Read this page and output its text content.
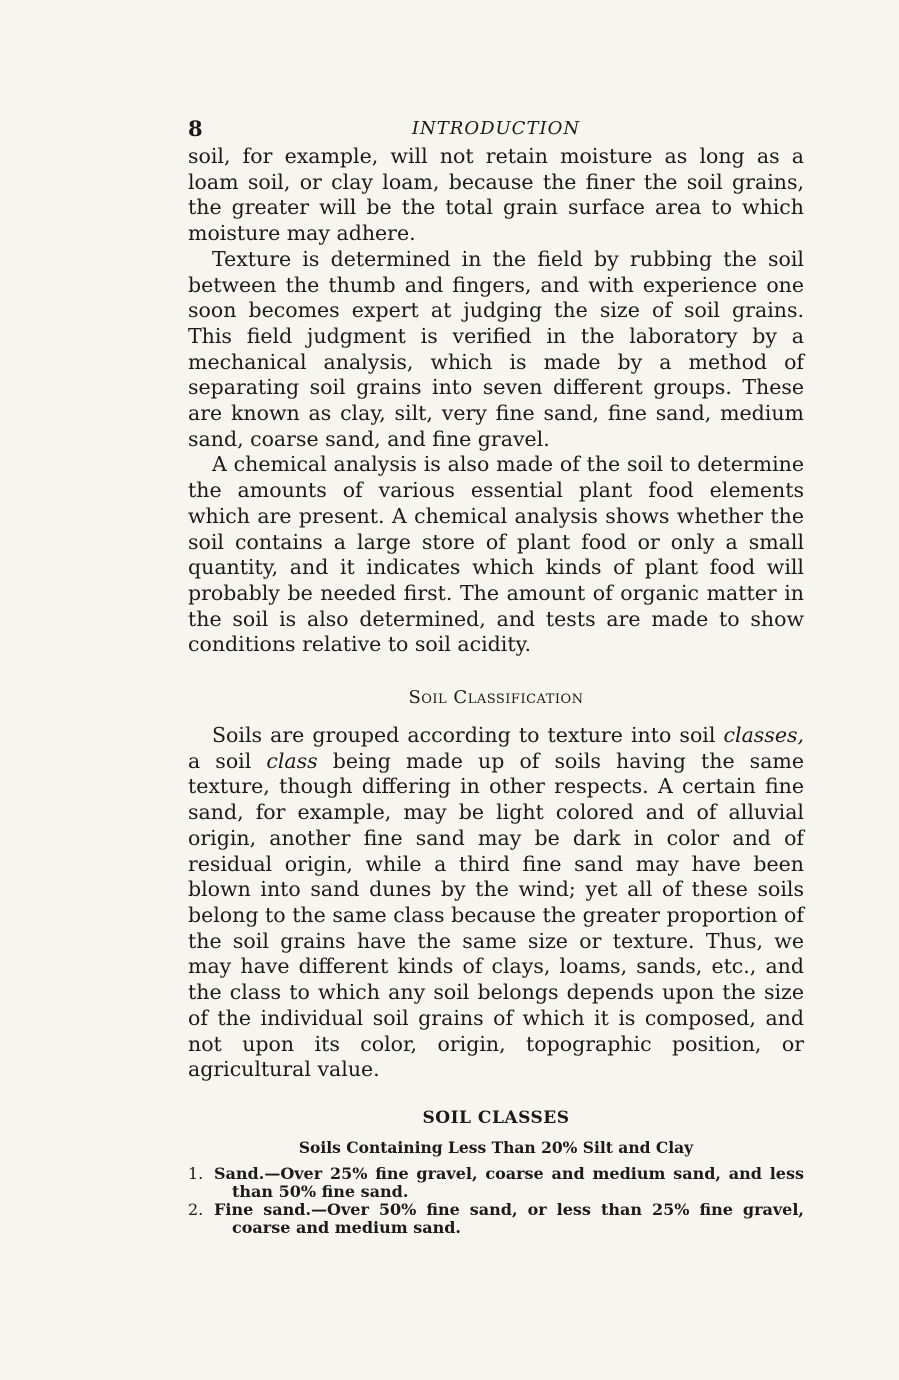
8	INTRODUCTION

soil, for example, will not retain moisture as long as a loam soil, or clay loam, because the finer the soil grains, the greater will be the total grain surface area to which moisture may adhere.

Texture is determined in the field by rubbing the soil between the thumb and fingers, and with experience one soon becomes expert at judging the size of soil grains. This field judgment is verified in the laboratory by a mechanical analysis, which is made by a method of separating soil grains into seven different groups. These are known as clay, silt, very fine sand, fine sand, medium sand, coarse sand, and fine gravel.

A chemical analysis is also made of the soil to determine the amounts of various essential plant food elements which are present. A chemical analysis shows whether the soil contains a large store of plant food or only a small quantity, and it indicates which kinds of plant food will probably be needed first. The amount of organic matter in the soil is also determined, and tests are made to show conditions relative to soil acidity.

Soil Classification

Soils are grouped according to texture into soil classes, a soil class being made up of soils having the same texture, though differing in other respects. A certain fine sand, for example, may be light colored and of alluvial origin, another fine sand may be dark in color and of residual origin, while a third fine sand may have been blown into sand dunes by the wind; yet all of these soils belong to the same class because the greater proportion of the soil grains have the same size or texture. Thus, we may have different kinds of clays, loams, sands, etc., and the class to which any soil belongs depends upon the size of the individual soil grains of which it is composed, and not upon its color, origin, topographic position, or agricultural value.

SOIL CLASSES
Soils Containing Less Than 20% Silt and Clay
1. Sand.—Over 25% fine gravel, coarse and medium sand, and less than 50% fine sand.
2. Fine sand.—Over 50% fine sand, or less than 25% fine gravel, coarse and medium sand.
